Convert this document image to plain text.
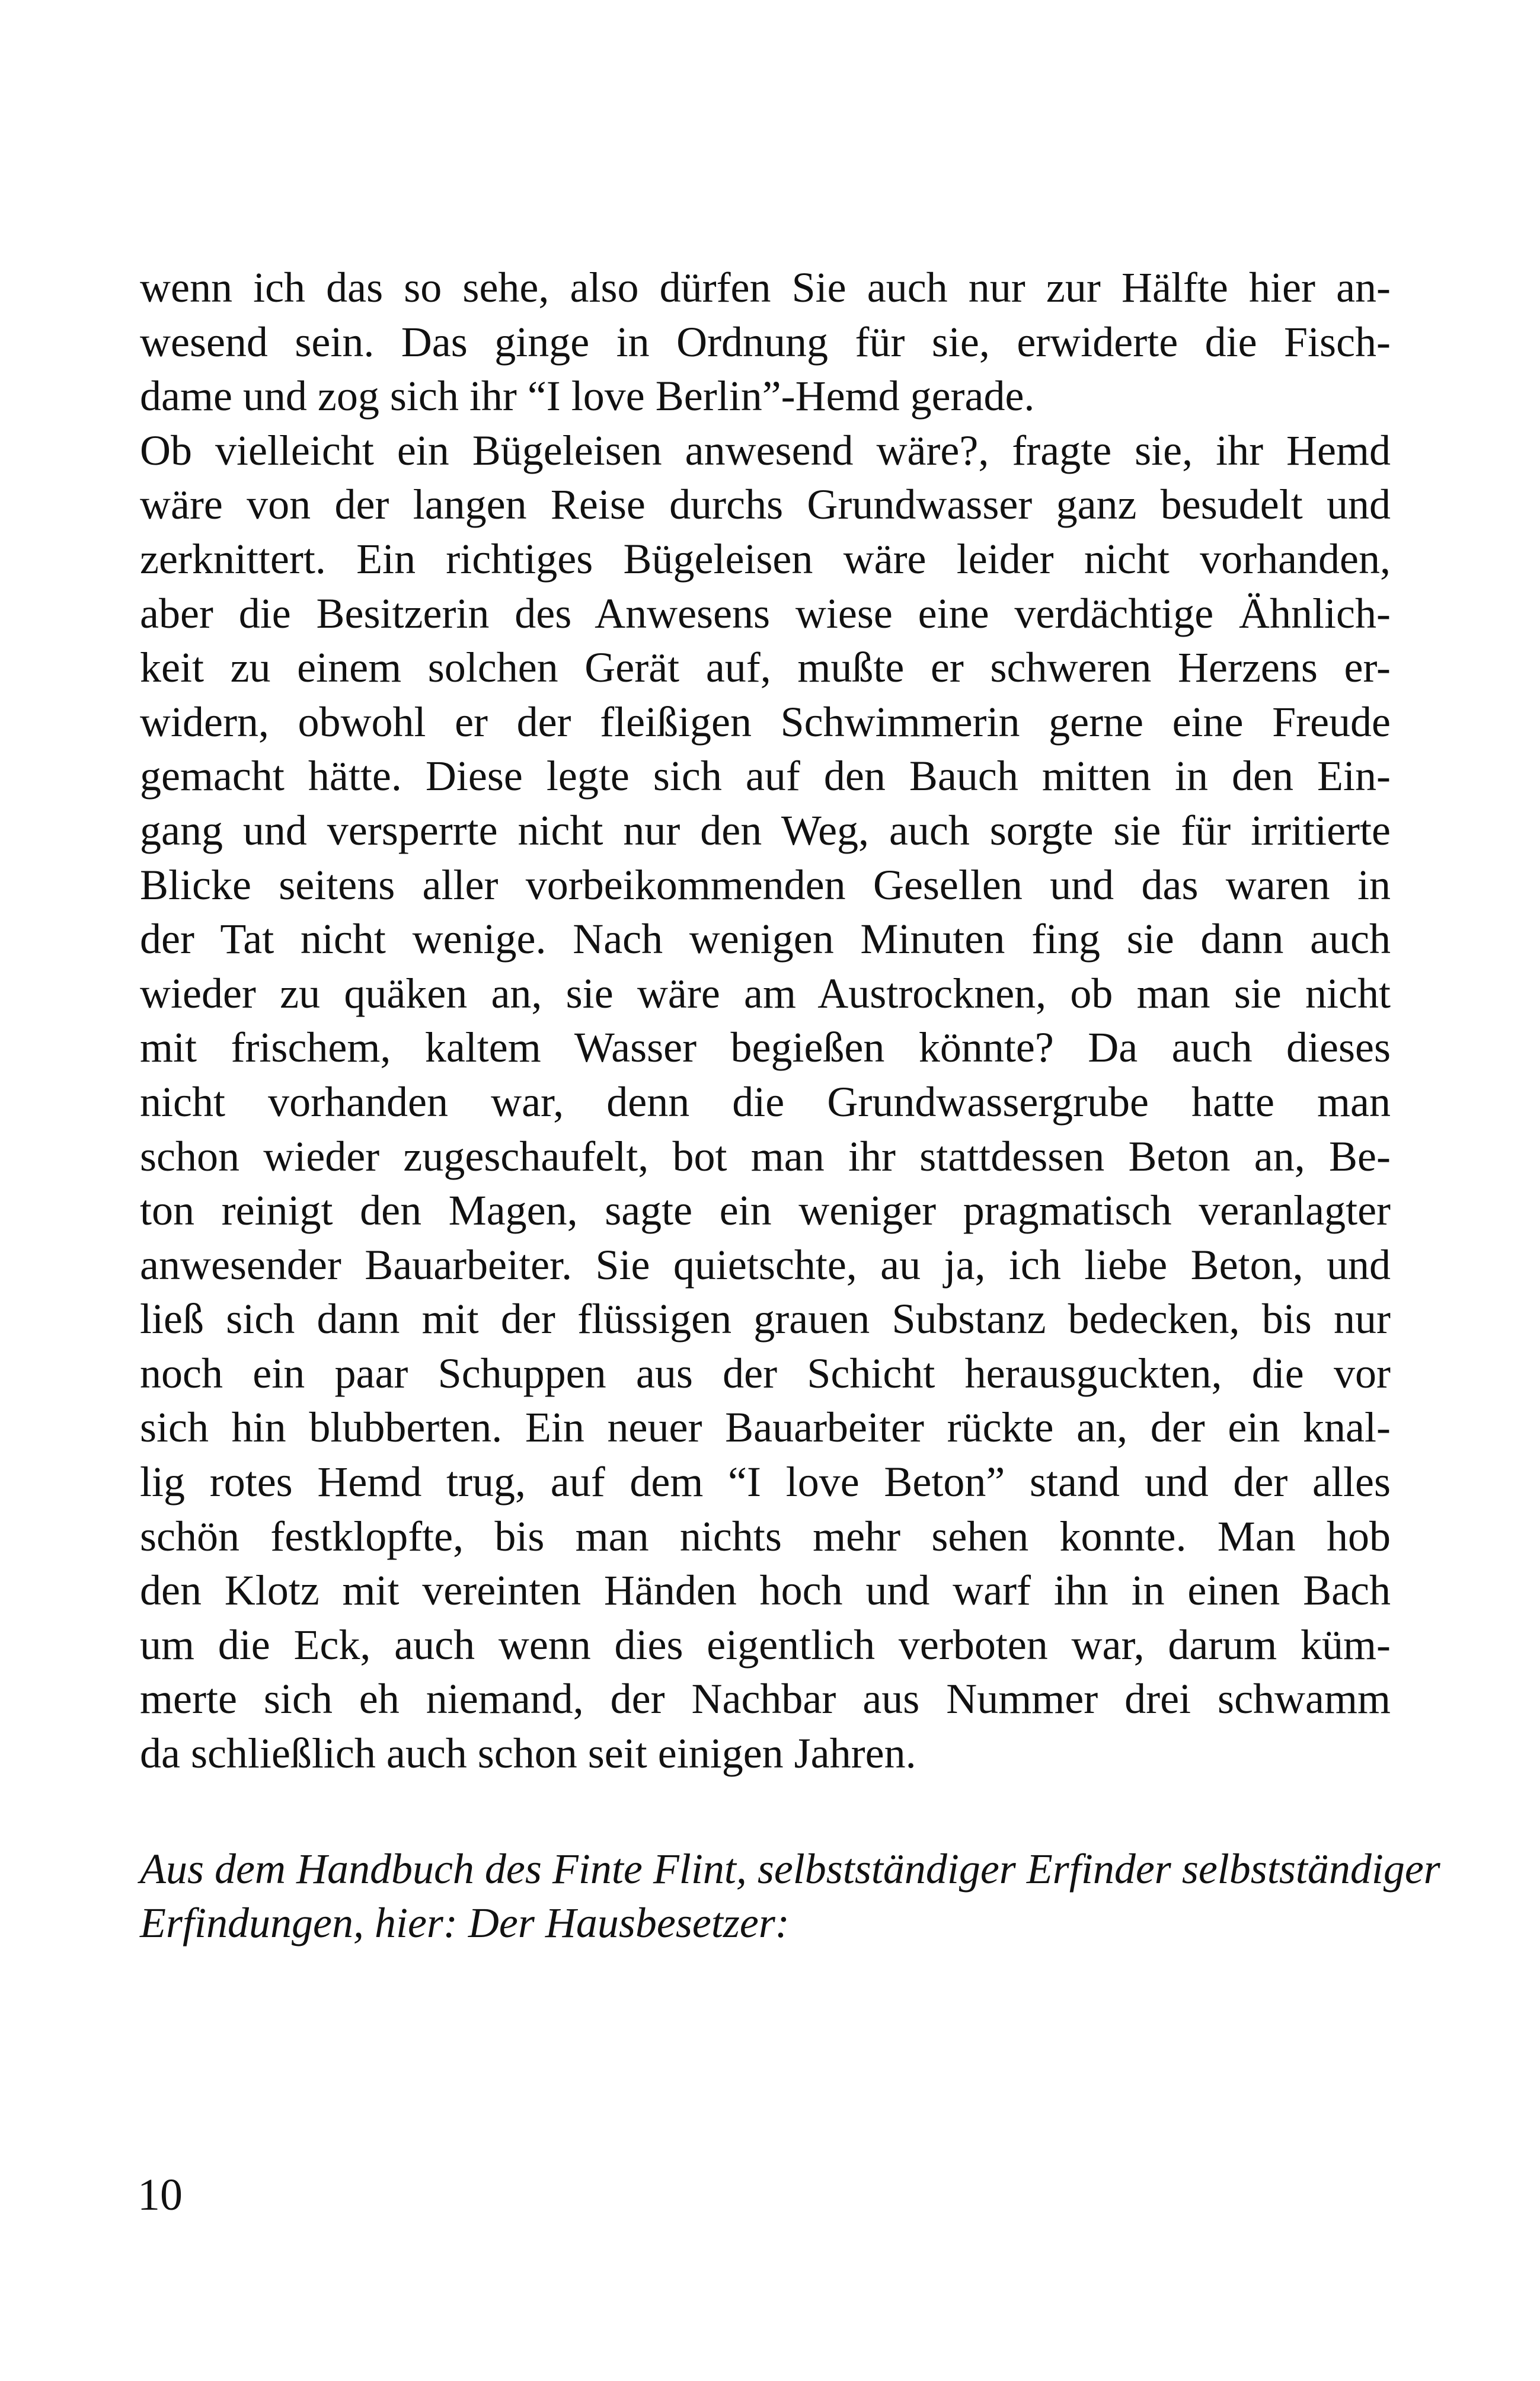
wenn ich das so sehe, also dürfen Sie auch nur zur Hälfte hier an-
wesend sein. Das ginge in Ordnung für sie, erwiderte die Fisch-
dame und zog sich ihr “I love Berlin”-Hemd gerade.
Ob vielleicht ein Bügeleisen anwesend wäre?, fragte sie, ihr Hemd
wäre von der langen Reise durchs Grundwasser ganz besudelt und
zerknittert. Ein richtiges Bügeleisen wäre leider nicht vorhanden,
aber die Besitzerin des Anwesens wiese eine verdächtige Ähnlich-
keit zu einem solchen Gerät auf, mußte er schweren Herzens er-
widern, obwohl er der fleißigen Schwimmerin gerne eine Freude
gemacht hätte. Diese legte sich auf den Bauch mitten in den Ein-
gang und versperrte nicht nur den Weg, auch sorgte sie für irritierte
Blicke seitens aller vorbeikommenden Gesellen und das waren in
der Tat nicht wenige. Nach wenigen Minuten fing sie dann auch
wieder zu quäken an, sie wäre am Austrocknen, ob man sie nicht
mit frischem, kaltem Wasser begießen könnte? Da auch dieses
nicht vorhanden war, denn die Grundwassergrube hatte man
schon wieder zugeschaufelt, bot man ihr stattdessen Beton an, Be-
ton reinigt den Magen, sagte ein weniger pragmatisch veranlagter
anwesender Bauarbeiter. Sie quietschte, au ja, ich liebe Beton, und
ließ sich dann mit der flüssigen grauen Substanz bedecken, bis nur
noch ein paar Schuppen aus der Schicht herausguckten, die vor
sich hin blubberten. Ein neuer Bauarbeiter rückte an, der ein knal-
lig rotes Hemd trug, auf dem “I love Beton” stand und der alles
schön festklopfte, bis man nichts mehr sehen konnte. Man hob
den Klotz mit vereinten Händen hoch und warf ihn in einen Bach
um die Eck, auch wenn dies eigentlich verboten war, darum küm-
merte sich eh niemand, der Nachbar aus Nummer drei schwamm
da schließlich auch schon seit einigen Jahren.
Aus dem Handbuch des Finte Flint, selbstständiger Erfinder selbstständiger
Erfindungen, hier: Der Hausbesetzer:
10
